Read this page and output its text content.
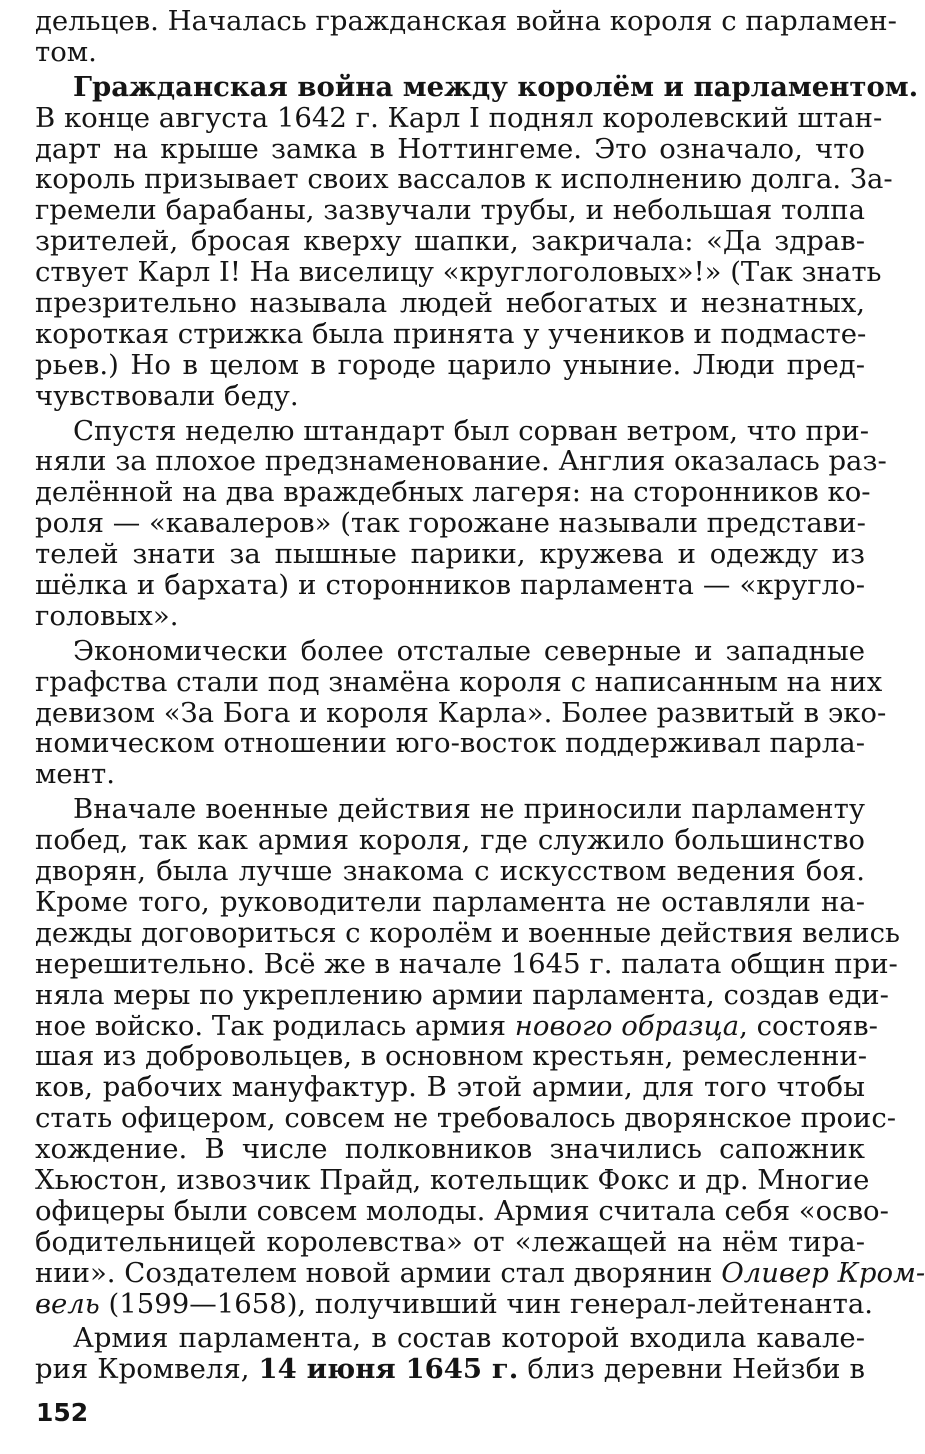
дельцев. Началась гражданская война короля с парламен-
том.
Гражданская война между королём и парламентом.
В конце августа 1642 г. Карл I поднял королевский штан-
дарт на крыше замка в Ноттингеме. Это означало, что
король призывает своих вассалов к исполнению долга. За-
гремели барабаны, зазвучали трубы, и небольшая толпа
зрителей, бросая кверху шапки, закричала: «Да здрав-
ствует Карл I! На виселицу «круглоголовых»!» (Так знать
презрительно называла людей небогатых и незнатных,
короткая стрижка была принята у учеников и подмасте-
рьев.) Но в целом в городе царило уныние. Люди пред-
чувствовали беду.
Спустя неделю штандарт был сорван ветром, что при-
няли за плохое предзнаменование. Англия оказалась раз-
делённой на два враждебных лагеря: на сторонников ко-
роля — «кавалеров» (так горожане называли представи-
телей знати за пышные парики, кружева и одежду из
шёлка и бархата) и сторонников парламента — «кругло-
головых».
Экономически более отсталые северные и западные
графства стали под знамёна короля с написанным на них
девизом «За Бога и короля Карла». Более развитый в эко-
номическом отношении юго-восток поддерживал парла-
мент.
Вначале военные действия не приносили парламенту
побед, так как армия короля, где служило большинство
дворян, была лучше знакома с искусством ведения боя.
Кроме того, руководители парламента не оставляли на-
дежды договориться с королём и военные действия велись
нерешительно. Всё же в начале 1645 г. палата общин при-
няла меры по укреплению армии парламента, создав еди-
ное войско. Так родилась армия нового образца, состояв-
шая из добровольцев, в основном крестьян, ремесленни-
ков, рабочих мануфактур. В этой армии, для того чтобы
стать офицером, совсем не требовалось дворянское проис-
хождение. В числе полковников значились сапожник
Хьюстон, извозчик Прайд, котельщик Фокс и др. Многие
офицеры были совсем молоды. Армия считала себя «осво-
бодительницей королевства» от «лежащей на нём тира-
нии». Создателем новой армии стал дворянин Оливер Кром-
вель (1599—1658), получивший чин генерал-лейтенанта.
Армия парламента, в состав которой входила кавале-
рия Кромвеля, 14 июня 1645 г. близ деревни Нейзби в
152
